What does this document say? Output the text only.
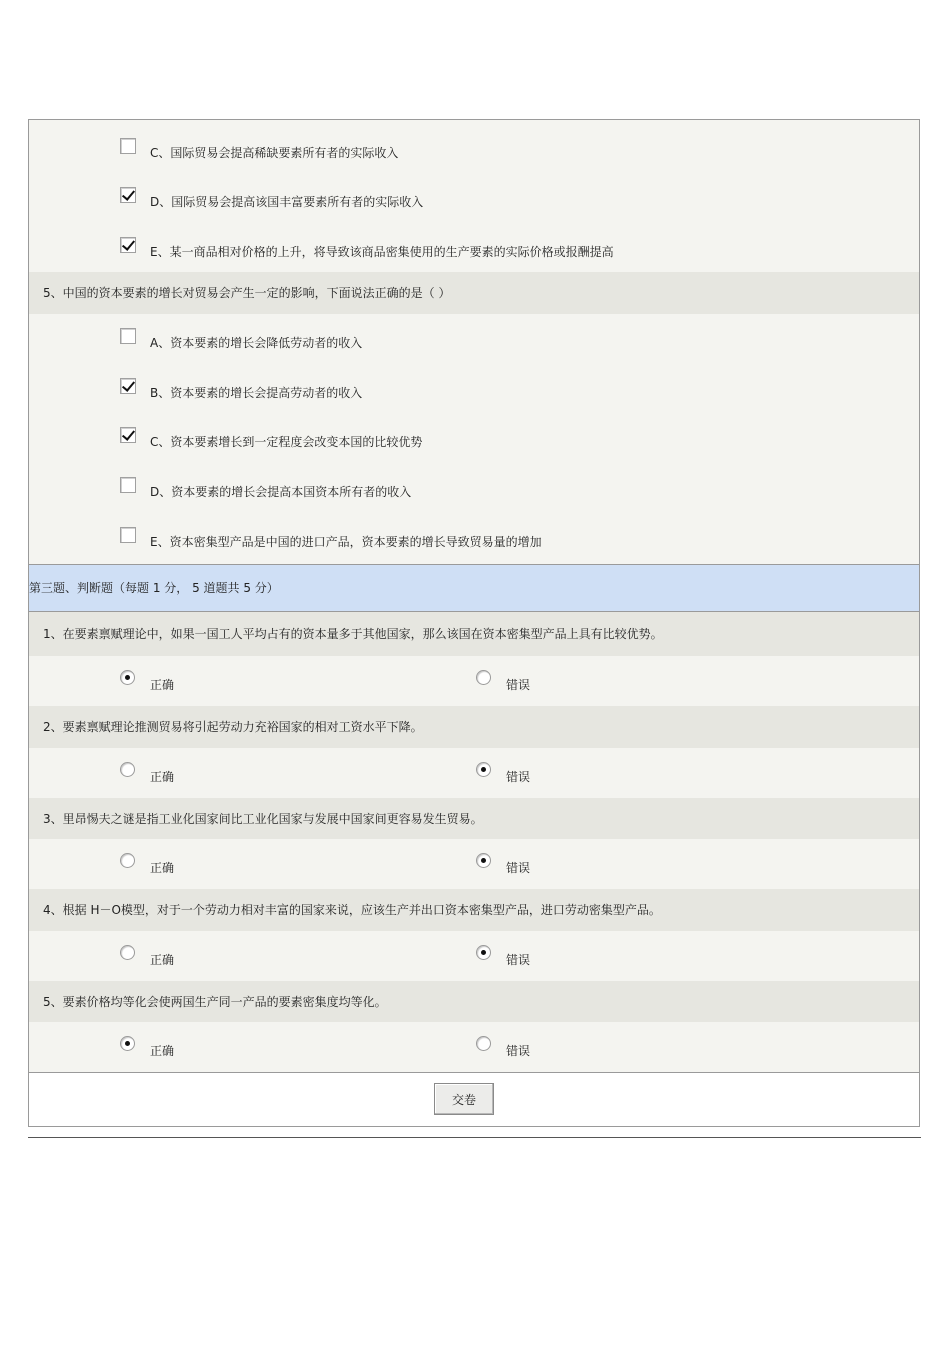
C、国际贸易会提高稀缺要素所有者的实际收入
D、国际贸易会提高该国丰富要素所有者的实际收入
E、某一商品相对价格的上升，将导致该商品密集使用的生产要素的实际价格或报酬提高
5、中国的资本要素的增长对贸易会产生一定的影响，下面说法正确的是（ ）
A、资本要素的增长会降低劳动者的收入
B、资本要素的增长会提高劳动者的收入
C、资本要素增长到一定程度会改变本国的比较优势
D、资本要素的增长会提高本国资本所有者的收入
E、资本密集型产品是中国的进口产品，资本要素的增长导致贸易量的增加
第三题、判断题（每题 1 分， 5 道题共 5 分）
1、在要素禀赋理论中，如果一国工人平均占有的资本量多于其他国家，那么该国在资本密集型产品上具有比较优势。
正确	错误
2、要素禀赋理论推测贸易将引起劳动力充裕国家的相对工资水平下降。
正确	错误
3、里昂惕夫之谜是指工业化国家间比工业化国家与发展中国家间更容易发生贸易。
正确	错误
4、根据 H－O模型，对于一个劳动力相对丰富的国家来说，应该生产并出口资本密集型产品，进口劳动密集型产品。
正确	错误
5、要素价格均等化会使两国生产同一产品的要素密集度均等化。
正确	错误
交卷
